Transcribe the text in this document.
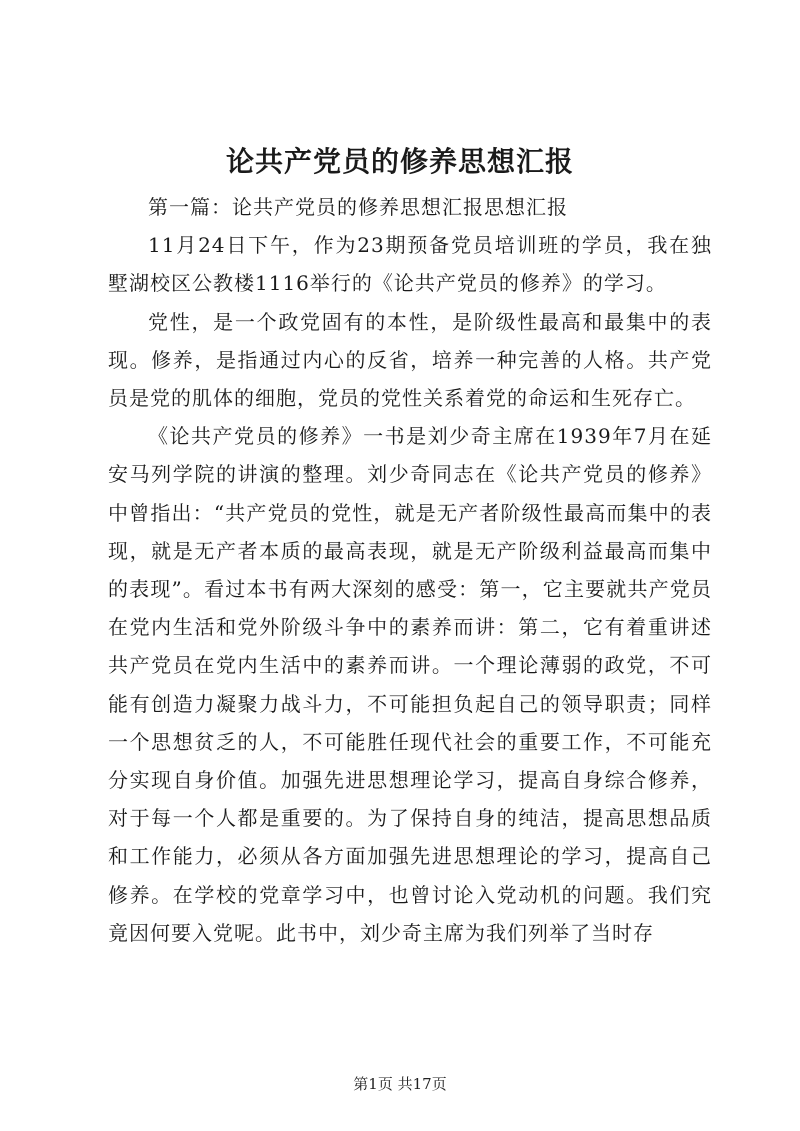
论共产党员的修养思想汇报

第一篇：论共产党员的修养思想汇报思想汇报

11月24日下午，作为23期预备党员培训班的学员，我在独墅湖校区公教楼1116举行的《论共产党员的修养》的学习。

党性，是一个政党固有的本性，是阶级性最高和最集中的表现。修养，是指通过内心的反省，培养一种完善的人格。共产党员是党的肌体的细胞，党员的党性关系着党的命运和生死存亡。

《论共产党员的修养》一书是刘少奇主席在1939年7月在延安马列学院的讲演的整理。刘少奇同志在《论共产党员的修养》中曾指出：“共产党员的党性，就是无产者阶级性最高而集中的表现，就是无产者本质的最高表现，就是无产阶级利益最高而集中的表现”。看过本书有两大深刻的感受：第一，它主要就共产党员在党内生活和党外阶级斗争中的素养而讲：第二，它有着重讲述共产党员在党内生活中的素养而讲。一个理论薄弱的政党，不可能有创造力凝聚力战斗力，不可能担负起自己的领导职责；同样一个思想贫乏的人，不可能胜任现代社会的重要工作，不可能充分实现自身价值。加强先进思想理论学习，提高自身综合修养，对于每一个人都是重要的。为了保持自身的纯洁，提高思想品质和工作能力，必须从各方面加强先进思想理论的学习，提高自己修养。在学校的党章学习中，也曾讨论入党动机的问题。我们究竟因何要入党呢。此书中，刘少奇主席为我们列举了当时存

第1页 共17页
